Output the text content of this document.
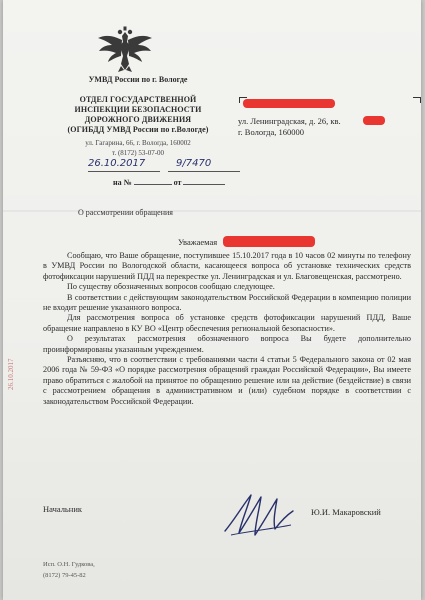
УМВД России по г. Вологде
ОТДЕЛ ГОСУДАРСТВЕННОЙ
ИНСПЕКЦИИ БЕЗОПАСНОСТИ
ДОРОЖНОГО ДВИЖЕНИЯ
(ОГИБДД УМВД России по г.Вологде)
ул. Гагарина, 66, г. Вологда, 160002
т. (8172) 53-07-00
26.10.2017	9/7470
на №	от
О рассмотрении обращения
ул. Ленинградская, д. 26, кв.
г. Вологда, 160000
Уважаемая

Сообщаю, что Ваше обращение, поступившее 15.10.2017 года в 10 часов 02 минуты по телефону в УМВД России по Вологодской области, касающееся вопроса об установке технических средств фотофиксации нарушений ПДД на перекрестке ул. Ленинградская и ул. Благовещенская, рассмотрено.

По существу обозначенных вопросов сообщаю следующее.

В соответствии с действующим законодательством Российской Федерации в компенцию полиции не входит решение указанного вопроса.

Для рассмотрения вопроса об установке средств фотофиксации нарушений ПДД, Ваше обращение направлено в КУ ВО «Центр обеспечения региональной безопасности».

О результатах рассмотрения обозначенного вопроса Вы будете дополнительно проинформированы указанным учреждением.

Разъясняю, что в соответствии с требованиями части 4 статьи 5 Федерального закона от 02 мая 2006 года № 59-ФЗ «О порядке рассмотрения обращений граждан Российской Федерации», Вы имеете право обратиться с жалобой на принятое по обращению решение или на действие (бездействие) в связи с рассмотрением обращения в административном и (или) судебном порядке в соответствии с законодательством Российской Федерации.

26.10.2017
Начальник	Ю.И. Макаровский
Исп. О.Н. Гудкова,
(8172) 79-45-82
